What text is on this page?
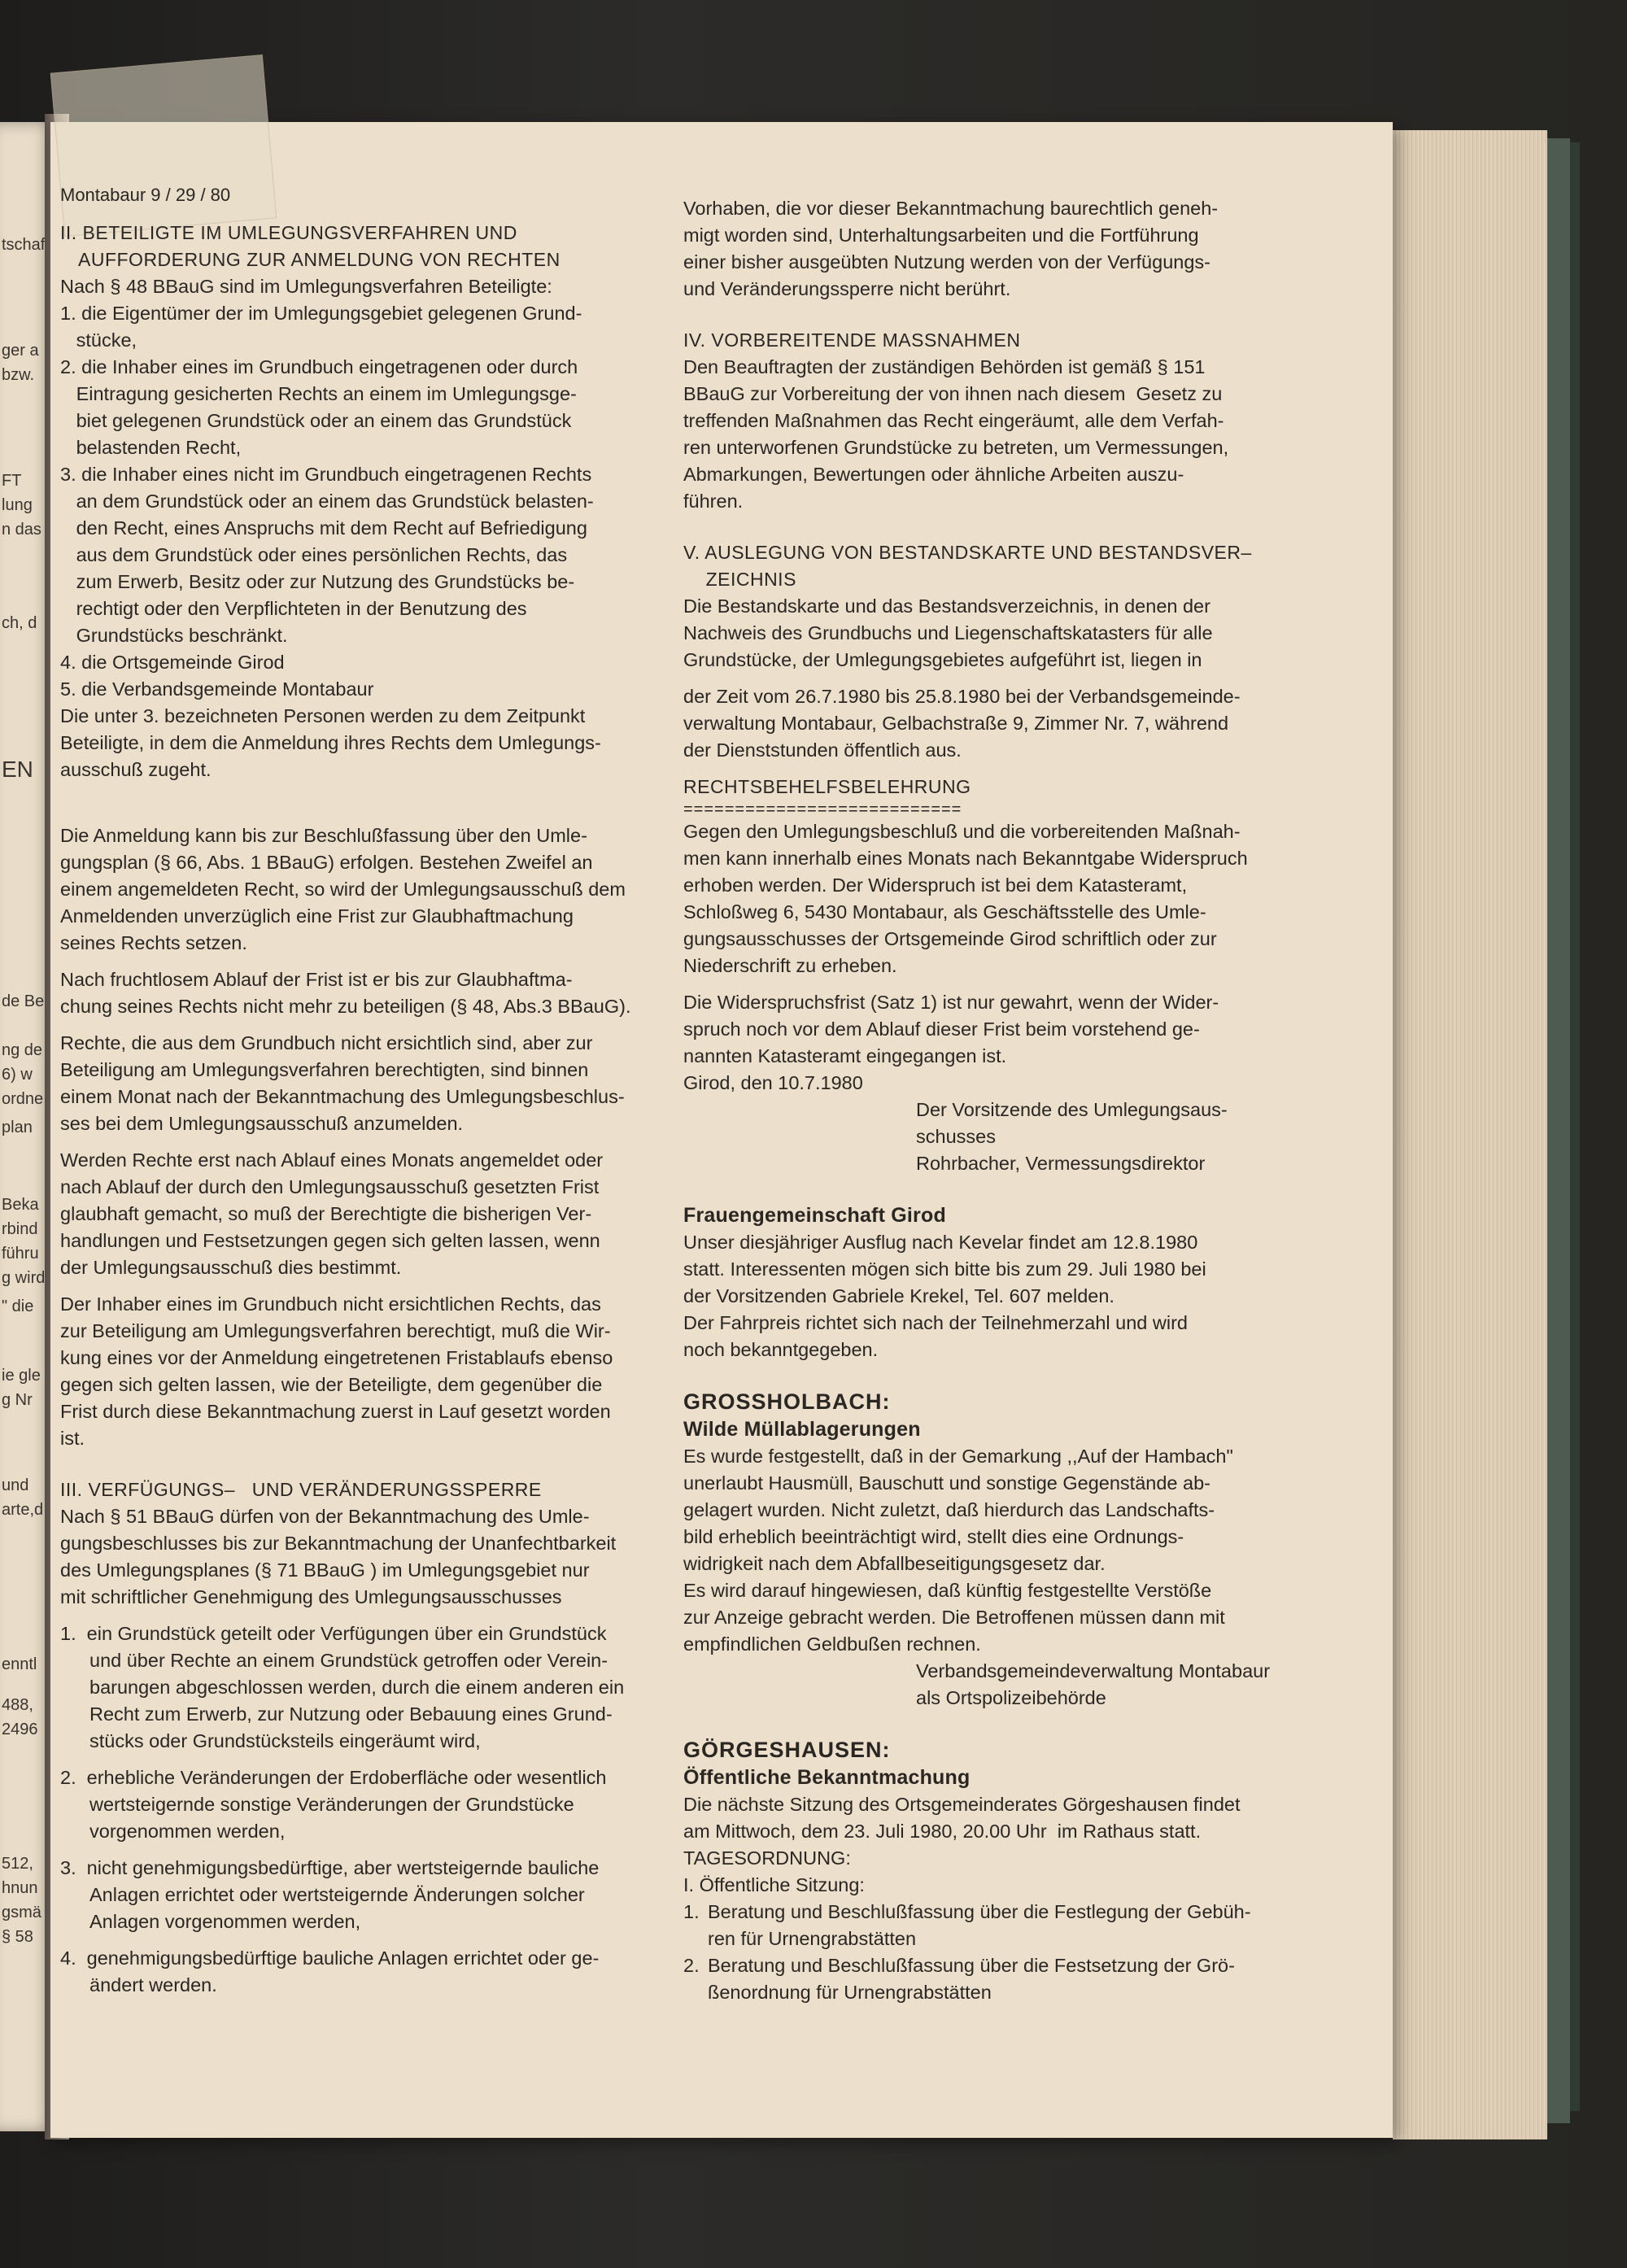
tschaf
ger a
bzw.
FT
lung
n das
ch, d
EN
de Be
ng de
6) w
ordne
plan
Beka
rbind
führu
g wird
" die
ie gle
g Nr
und
arte,d
enntl
488,
2496
512,
hnun
gsmä
§ 58

Montabaur 9 / 29 / 80

II. BETEILIGTE IM UMLEGUNGSVERFAHREN UND

AUFFORDERUNG ZUR ANMELDUNG VON RECHTEN

Nach § 48 BBauG sind im Umlegungsverfahren Beteiligte:

1. die Eigentümer der im Umlegungsgebiet gelegenen Grund-
stücke,

2. die Inhaber eines im Grundbuch eingetragenen oder durch
Eintragung gesicherten Rechts an einem im Umlegungsge-
biet gelegenen Grundstück oder an einem das Grundstück
belastenden Recht,

3. die Inhaber eines nicht im Grundbuch eingetragenen Rechts
an dem Grundstück oder an einem das Grundstück belasten-
den Recht, eines Anspruchs mit dem Recht auf Befriedigung
aus dem Grundstück oder eines persönlichen Rechts, das
zum Erwerb, Besitz oder zur Nutzung des Grundstücks be-
rechtigt oder den Verpflichteten in der Benutzung des
Grundstücks beschränkt.

4. die Ortsgemeinde Girod

5. die Verbandsgemeinde Montabaur

Die unter 3. bezeichneten Personen werden zu dem Zeitpunkt
Beteiligte, in dem die Anmeldung ihres Rechts dem Umlegungs-
ausschuß zugeht.

Die Anmeldung kann bis zur Beschlußfassung über den Umle-
gungsplan (§ 66, Abs. 1 BBauG) erfolgen. Bestehen Zweifel an
einem angemeldeten Recht, so wird der Umlegungsausschuß dem
Anmeldenden unverzüglich eine Frist zur Glaubhaftmachung
seines Rechts setzen.

Nach fruchtlosem Ablauf der Frist ist er bis zur Glaubhaftma-
chung seines Rechts nicht mehr zu beteiligen (§ 48, Abs.3 BBauG).

Rechte, die aus dem Grundbuch nicht ersichtlich sind, aber zur
Beteiligung am Umlegungsverfahren berechtigten, sind binnen
einem Monat nach der Bekanntmachung des Umlegungsbeschlus-
ses bei dem Umlegungsausschuß anzumelden.

Werden Rechte erst nach Ablauf eines Monats angemeldet oder
nach Ablauf der durch den Umlegungsausschuß gesetzten Frist
glaubhaft gemacht, so muß der Berechtigte die bisherigen Ver-
handlungen und Festsetzungen gegen sich gelten lassen, wenn
der Umlegungsausschuß dies bestimmt.

Der Inhaber eines im Grundbuch nicht ersichtlichen Rechts, das
zur Beteiligung am Umlegungsverfahren berechtigt, muß die Wir-
kung eines vor der Anmeldung eingetretenen Fristablaufs ebenso
gegen sich gelten lassen, wie der Beteiligte, dem gegenüber die
Frist durch diese Bekanntmachung zuerst in Lauf gesetzt worden
ist.

III. VERFÜGUNGS–   UND VERÄNDERUNGSSPERRE

Nach § 51 BBauG dürfen von der Bekanntmachung des Umle-
gungsbeschlusses bis zur Bekanntmachung der Unanfechtbarkeit
des Umlegungsplanes (§ 71 BBauG ) im Umlegungsgebiet nur
mit schriftlicher Genehmigung des Umlegungsausschusses

1.  ein Grundstück geteilt oder Verfügungen über ein Grundstück
und über Rechte an einem Grundstück getroffen oder Verein-
barungen abgeschlossen werden, durch die einem anderen ein
Recht zum Erwerb, zur Nutzung oder Bebauung eines Grund-
stücks oder Grundstücksteils eingeräumt wird,

2.  erhebliche Veränderungen der Erdoberfläche oder wesentlich
wertsteigernde sonstige Veränderungen der Grundstücke
vorgenommen werden,

3.  nicht genehmigungsbedürftige, aber wertsteigernde bauliche
Anlagen errichtet oder wertsteigernde Änderungen solcher
Anlagen vorgenommen werden,

4.  genehmigungsbedürftige bauliche Anlagen errichtet oder ge-
ändert werden.

Vorhaben, die vor dieser Bekanntmachung baurechtlich geneh-
migt worden sind, Unterhaltungsarbeiten und die Fortführung
einer bisher ausgeübten Nutzung werden von der Verfügungs-
und Veränderungssperre nicht berührt.

IV. VORBEREITENDE MASSNAHMEN

Den Beauftragten der zuständigen Behörden ist gemäß § 151
BBauG zur Vorbereitung der von ihnen nach diesem  Gesetz zu
treffenden Maßnahmen das Recht eingeräumt, alle dem Verfah-
ren unterworfenen Grundstücke zu betreten, um Vermessungen,
Abmarkungen, Bewertungen oder ähnliche Arbeiten auszu-
führen.

V. AUSLEGUNG VON BESTANDSKARTE UND BESTANDSVER–
ZEICHNIS

Die Bestandskarte und das Bestandsverzeichnis, in denen der
Nachweis des Grundbuchs und Liegenschaftskatasters für alle
Grundstücke, der Umlegungsgebietes aufgeführt ist, liegen in

der Zeit vom 26.7.1980 bis 25.8.1980 bei der Verbandsgemeinde-
verwaltung Montabaur, Gelbachstraße 9, Zimmer Nr. 7, während
der Dienststunden öffentlich aus.

RECHTSBEHELFSBELEHRUNG

===========================

Gegen den Umlegungsbeschluß und die vorbereitenden Maßnah-
men kann innerhalb eines Monats nach Bekanntgabe Widerspruch
erhoben werden. Der Widerspruch ist bei dem Katasteramt,
Schloßweg 6, 5430 Montabaur, als Geschäftsstelle des Umle-
gungsausschusses der Ortsgemeinde Girod schriftlich oder zur
Niederschrift zu erheben.

Die Widerspruchsfrist (Satz 1) ist nur gewahrt, wenn der Wider-
spruch noch vor dem Ablauf dieser Frist beim vorstehend ge-
nannten Katasteramt eingegangen ist.

Girod, den 10.7.1980

Der Vorsitzende des Umlegungsaus-
schusses
Rohrbacher, Vermessungsdirektor

Frauengemeinschaft Girod

Unser diesjähriger Ausflug nach Kevelar findet am 12.8.1980
statt. Interessenten mögen sich bitte bis zum 29. Juli 1980 bei
der Vorsitzenden Gabriele Krekel, Tel. 607 melden.
Der Fahrpreis richtet sich nach der Teilnehmerzahl und wird
noch bekanntgegeben.

GROSSHOLBACH:

Wilde Müllablagerungen

Es wurde festgestellt, daß in der Gemarkung ,,Auf der Hambach"
unerlaubt Hausmüll, Bauschutt und sonstige Gegenstände ab-
gelagert wurden. Nicht zuletzt, daß hierdurch das Landschafts-
bild erheblich beeinträchtigt wird, stellt dies eine Ordnungs-
widrigkeit nach dem Abfallbeseitigungsgesetz dar.
Es wird darauf hingewiesen, daß künftig festgestellte Verstöße
zur Anzeige gebracht werden. Die Betroffenen müssen dann mit
empfindlichen Geldbußen rechnen.

Verbandsgemeindeverwaltung Montabaur
als Ortspolizeibehörde

GÖRGESHAUSEN:

Öffentliche Bekanntmachung

Die nächste Sitzung des Ortsgemeinderates Görgeshausen findet
am Mittwoch, dem 23. Juli 1980, 20.00 Uhr  im Rathaus statt.

TAGESORDNUNG:

I. Öffentliche Sitzung:

1. Beratung und Beschlußfassung über die Festlegung der Gebüh-
ren für Urnengrabstätten

2. Beratung und Beschlußfassung über die Festsetzung der Grö-
ßenordnung für Urnengrabstätten
